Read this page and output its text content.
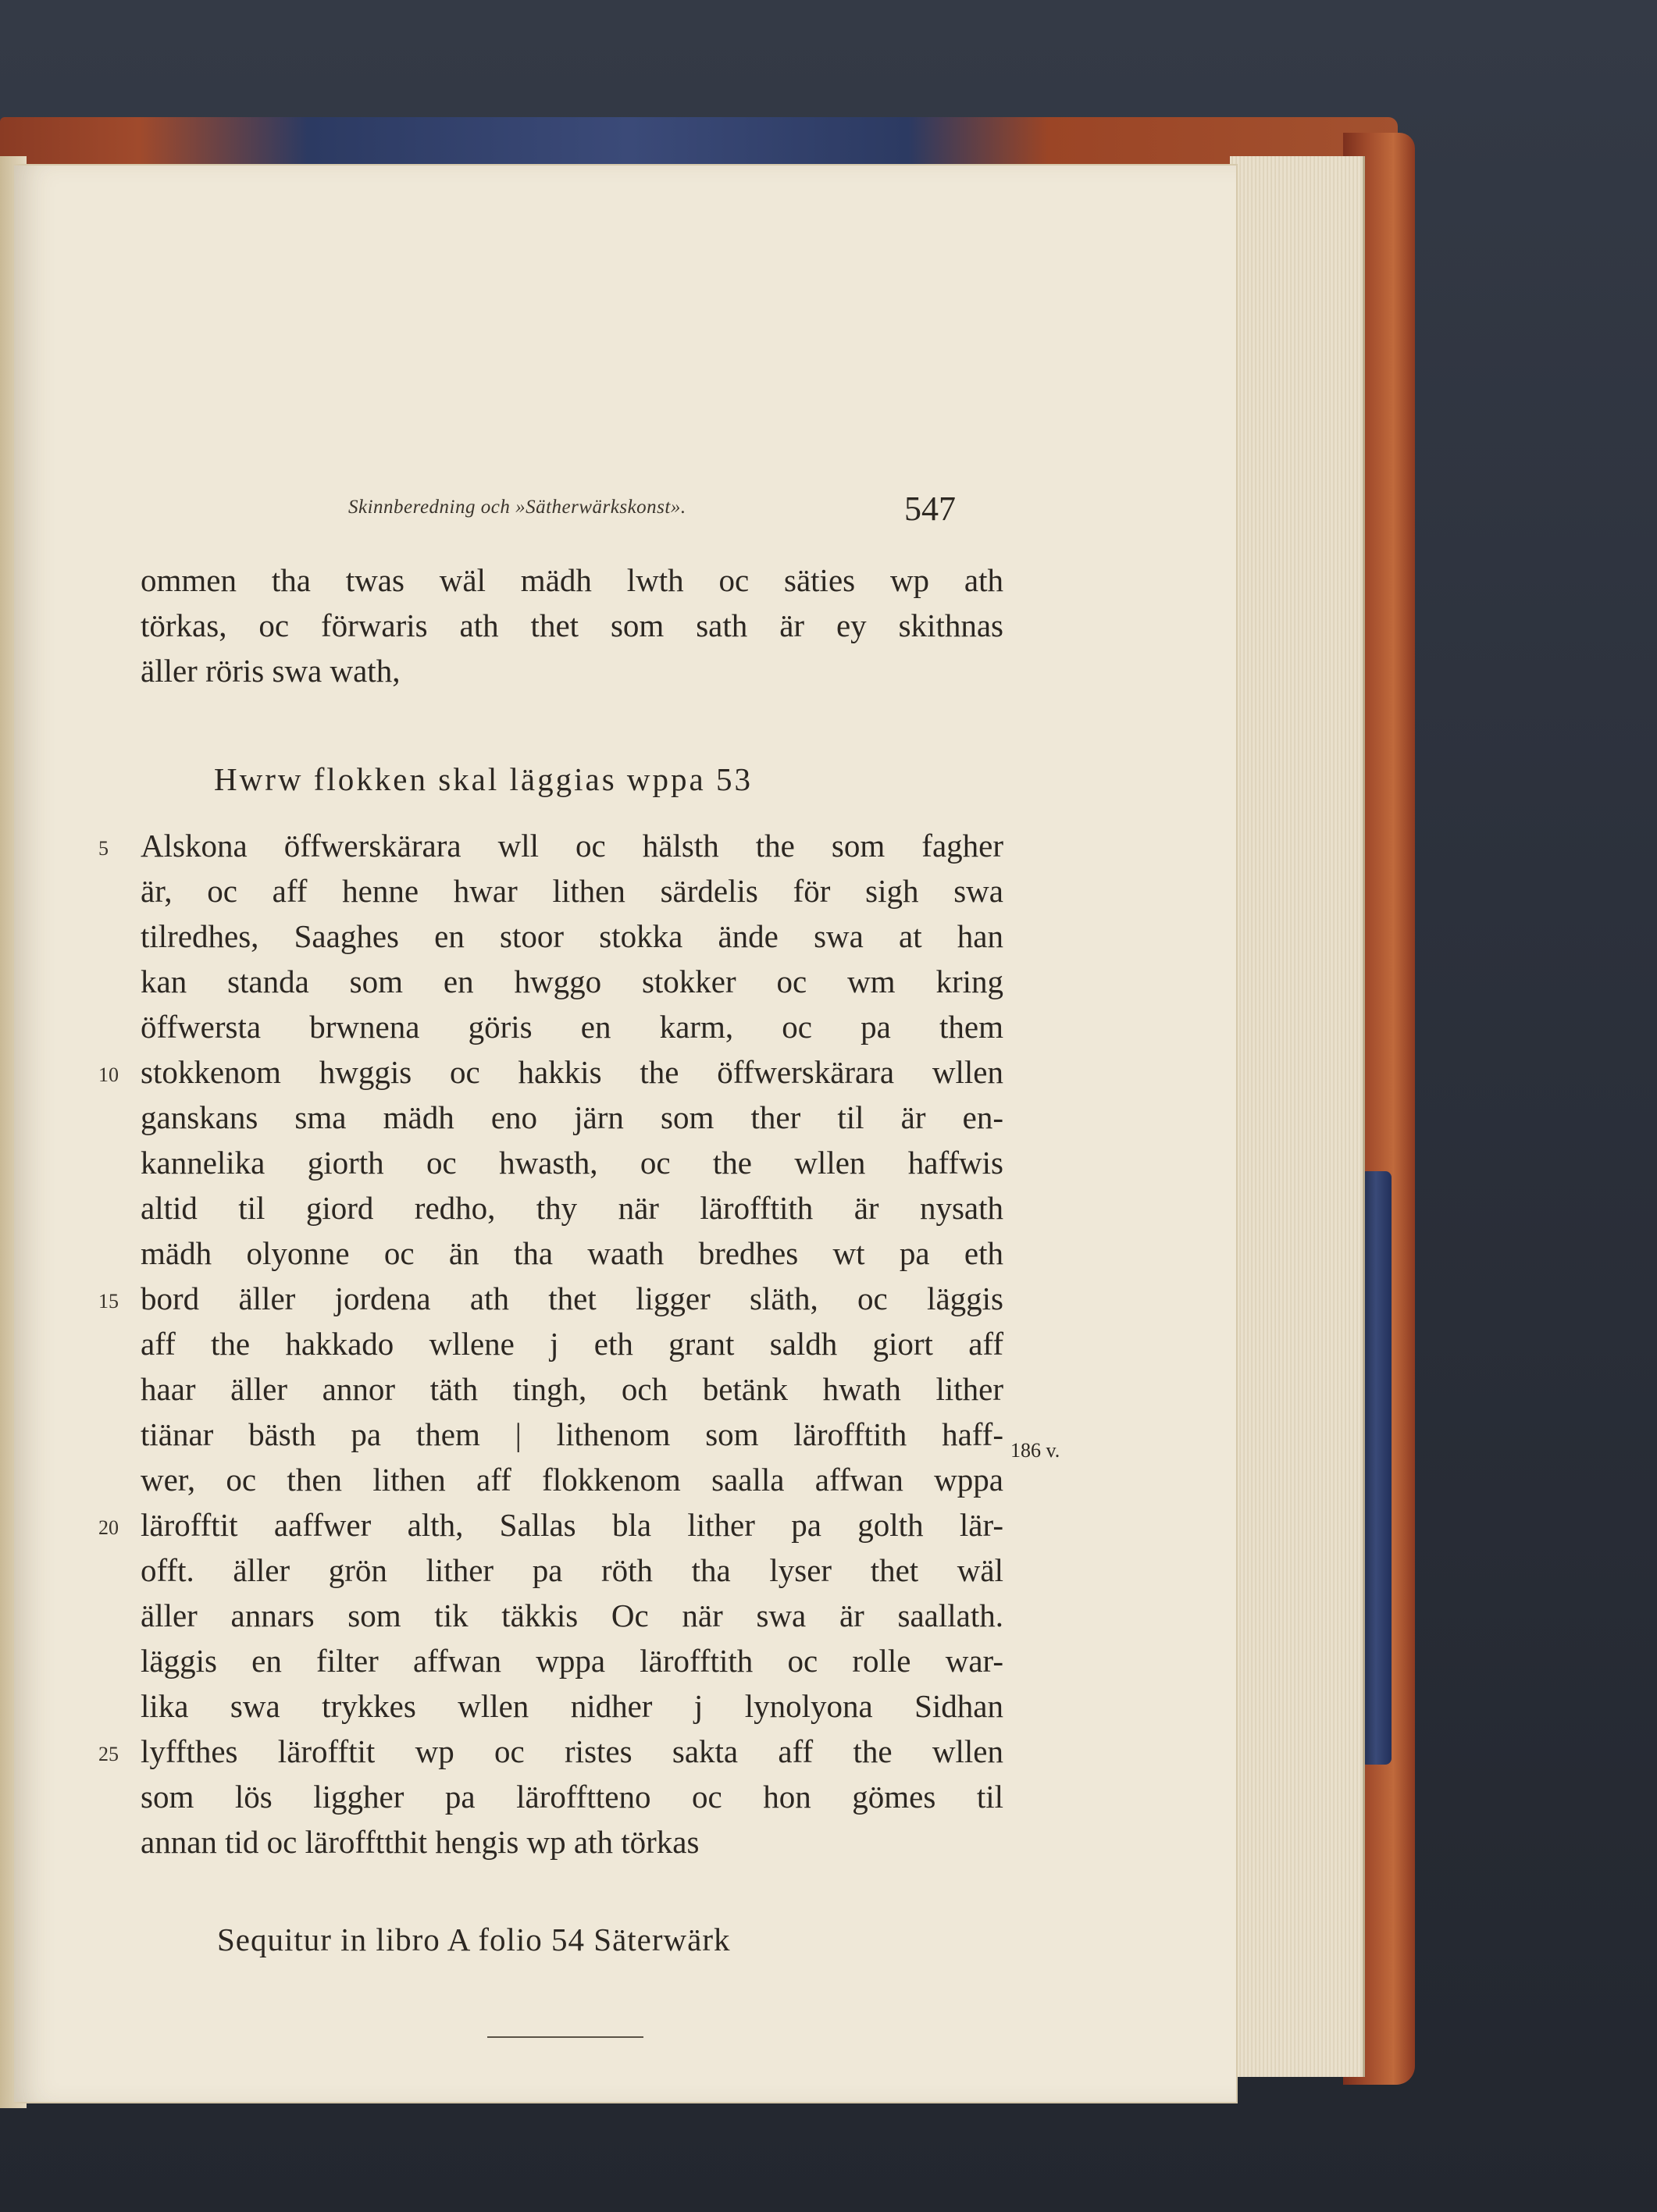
Skinnberedning och »Sätherwärkskonst».	547
ommen tha twas wäl mädh lwth oc säties wp ath
törkas, oc förwaris ath thet som sath är ey skithnas
äller röris swa wath,
Hwrw flokken skal läggias wppa 53
Alskona öffwerskärara wll oc hälsth the som fagher
är, oc aff henne hwar lithen särdelis för sigh swa
tilredhes, Saaghes en stoor stokka ände swa at han
kan standa som en hwggo stokker oc wm kring
öffwersta brwnena göris en karm, oc pa them
stokkenom hwggis oc hakkis the öffwerskärara wllen
ganskans sma mädh eno järn som ther til är en-
kannelika giorth oc hwasth, oc the wllen haffwis
altid til giord redho, thy när lärofftith är nysath
mädh olyonne oc än tha waath bredhes wt pa eth
bord äller jordena ath thet ligger släth, oc läggis
aff the hakkado wllene j eth grant saldh giort aff
haar äller annor täth tingh, och betänk hwath lither
tiänar bästh pa them | lithenom som lärofftith haff-
wer, oc then lithen aff flokkenom saalla affwan wppa
lärofftit aaffwer alth, Sallas bla lither pa golth lär-
offt. äller grön lither pa röth tha lyser thet wäl
äller annars som tik täkkis Oc när swa är saallath.
läggis en filter affwan wppa lärofftith oc rolle war-
lika swa trykkes wllen nidher j lynolyona Sidhan
lyffthes lärofftit wp oc ristes sakta aff the wllen
som lös liggher pa lärofftteno oc hon gömes til
annan tid oc lärofftthit hengis wp ath törkas
5
10
15
20
25
186 v.
Sequitur in libro A folio 54 Säterwärk
